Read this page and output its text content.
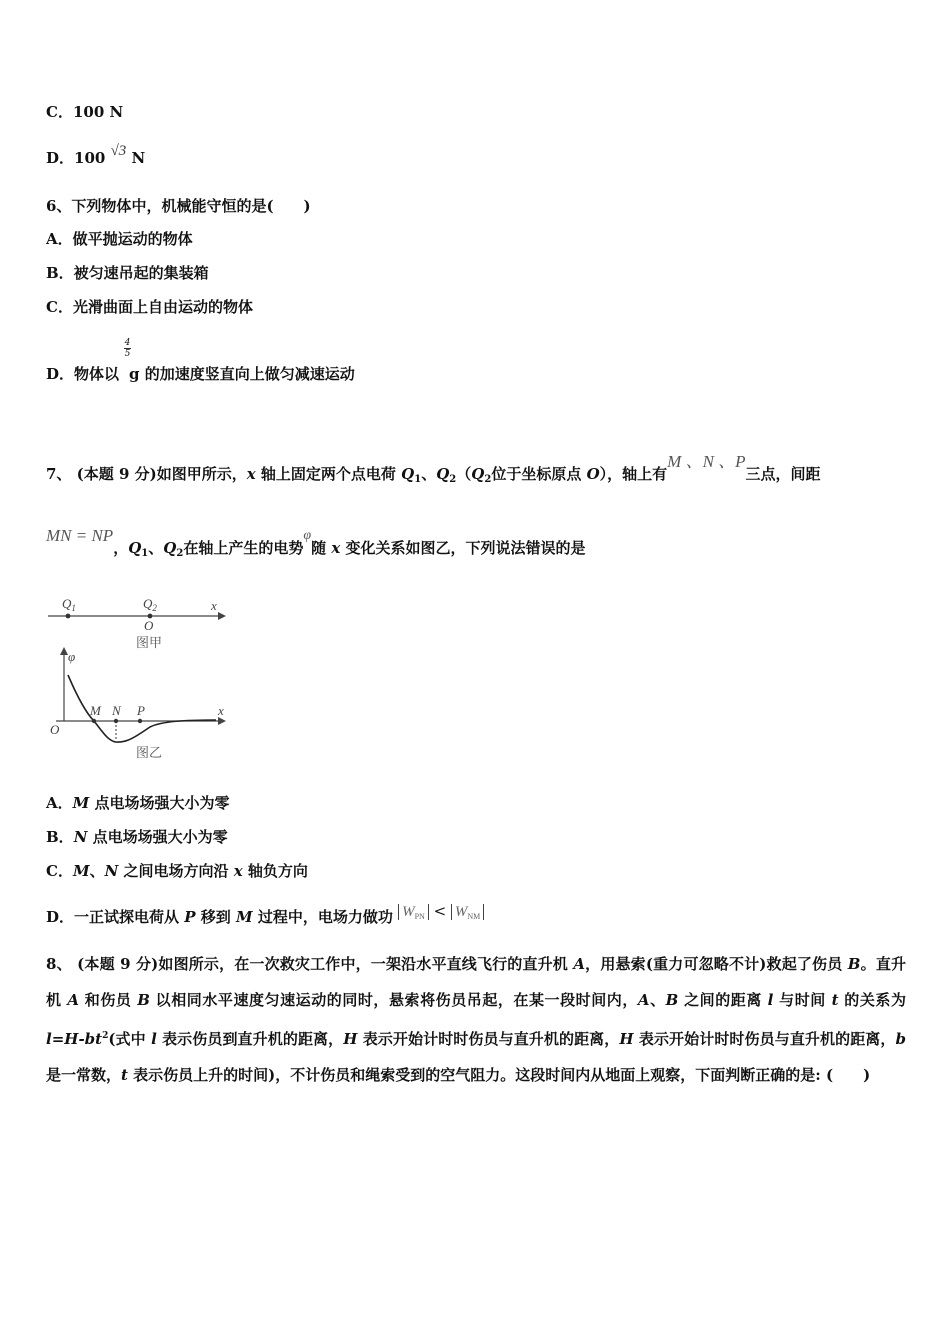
C．100 N
D．100 √3 N
6、下列物体中，机械能守恒的是(　　)
A．做平抛运动的物体
B．被匀速吊起的集装箱
C．光滑曲面上自由运动的物体
D．物体以
4

5
g 的加速度竖直向上做匀减速运动
7、 (本题 9 分)如图甲所示，x 轴上固定两个点电荷 $Q_1$、$Q_2(Q_2$位于坐标原点 O），轴上有M 、N 、P三点，间距
MN = NP，$Q_1$、$Q_2$在轴上产生的电势φ随 x 变化关系如图乙，下列说法错误的是
$Q_1$	$Q_2$	x
O
图甲
φ
O
M N P	x
图乙
A．M 点电场场强大小为零
B．N 点电场场强大小为零
C．M、N 之间电场方向沿 x 轴负方向
D．一正试探电荷从 P 移到 M 过程中，电场力做功 $W_{PN} < W_{NM}$
8、 (本题 9 分)如图所示，在一次救灾工作中，一架沿水平直线飞行的直升机 A，用悬索(重力可忽略不计)救起了伤员 B。直升机 A 和伤员 B 以相同水平速度匀速运动的同时，悬索将伤员吊起，在某一段时间内，A、B 之间的距离 l 与时间 t 的关系为 $l=H-bt^2$(式中 l 表示伤员到直升机的距离，H 表示开始计时时伤员与直升机的距离，H 表示开始计时时伤员与直升机的距离，b 是一常数，t 表示伤员上升的时间)，不计伤员和绳索受到的空气阻力。这段时间内从地面上观察，下面判断正确的是: (　　)
